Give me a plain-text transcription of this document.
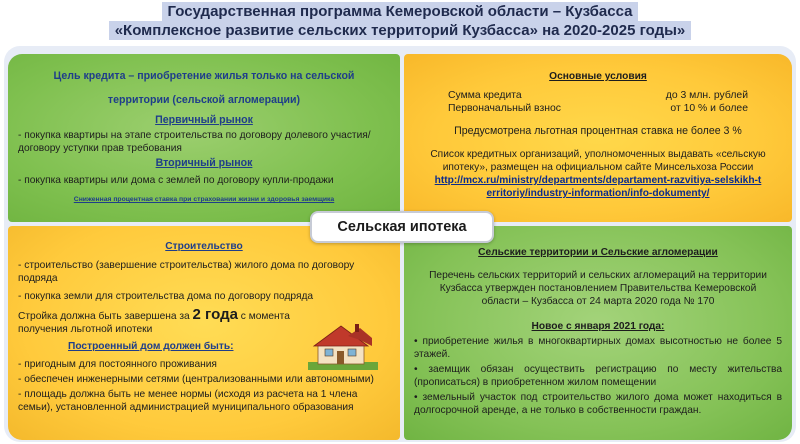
Государственная программа Кемеровской области – Кузбасса
«Комплексное развитие сельских территорий Кузбасса» на 2020-2025 годы»

Цель кредита – приобретение жилья только на сельской

территории (сельской агломерации)

Первичный рынок

- покупка квартиры на этапе строительства по договору долевого участия/договору уступки прав требования

Вторичный рынок

- покупка квартиры или дома с землей по договору купли-продажи

Сниженная процентная ставка при страховании жизни и здоровья заемщика

Основные условия

Сумма кредита	до 3 млн. рублей
Первоначальный взнос	от 10 % и более

Предусмотрена льготная процентная ставка не более 3 %

Список кредитных организаций, уполномоченных выдавать «сельскую ипотеку», размещен на официальном сайте Минсельхоза России

http://mcx.ru/ministry/departments/departament-razvitiya-selskikh-territoriy/industry-information/info-dokumenty/

Сельская ипотека

Строительство

- строительство (завершение строительства) жилого дома по договору подряда

- покупка земли для строительства дома по договору подряда

Стройка должна быть завершена за 2 года с момента получения льготной ипотеки

Построенный дом должен быть:

- пригодным для постоянного проживания

- обеспечен инженерными сетями (централизованными или автономными)

- площадь должна быть не менее нормы (исходя из расчета на 1 члена семьи), установленной администрацией муниципального образования

Сельские территории и Сельские агломерации

Перечень сельских территорий и сельских агломераций на территории Кузбасса утвержден постановлением Правительства Кемеровской области – Кузбасса от 24 марта 2020 года № 170

Новое с января 2021 года:

• приобретение жилья в многоквартирных домах высотностью не более 5 этажей.

• заемщик обязан осуществить регистрацию по месту жительства (прописаться) в приобретенном жилом помещении

• земельный участок под строительство жилого дома может находиться в долгосрочной аренде, а не только в собственности граждан.
